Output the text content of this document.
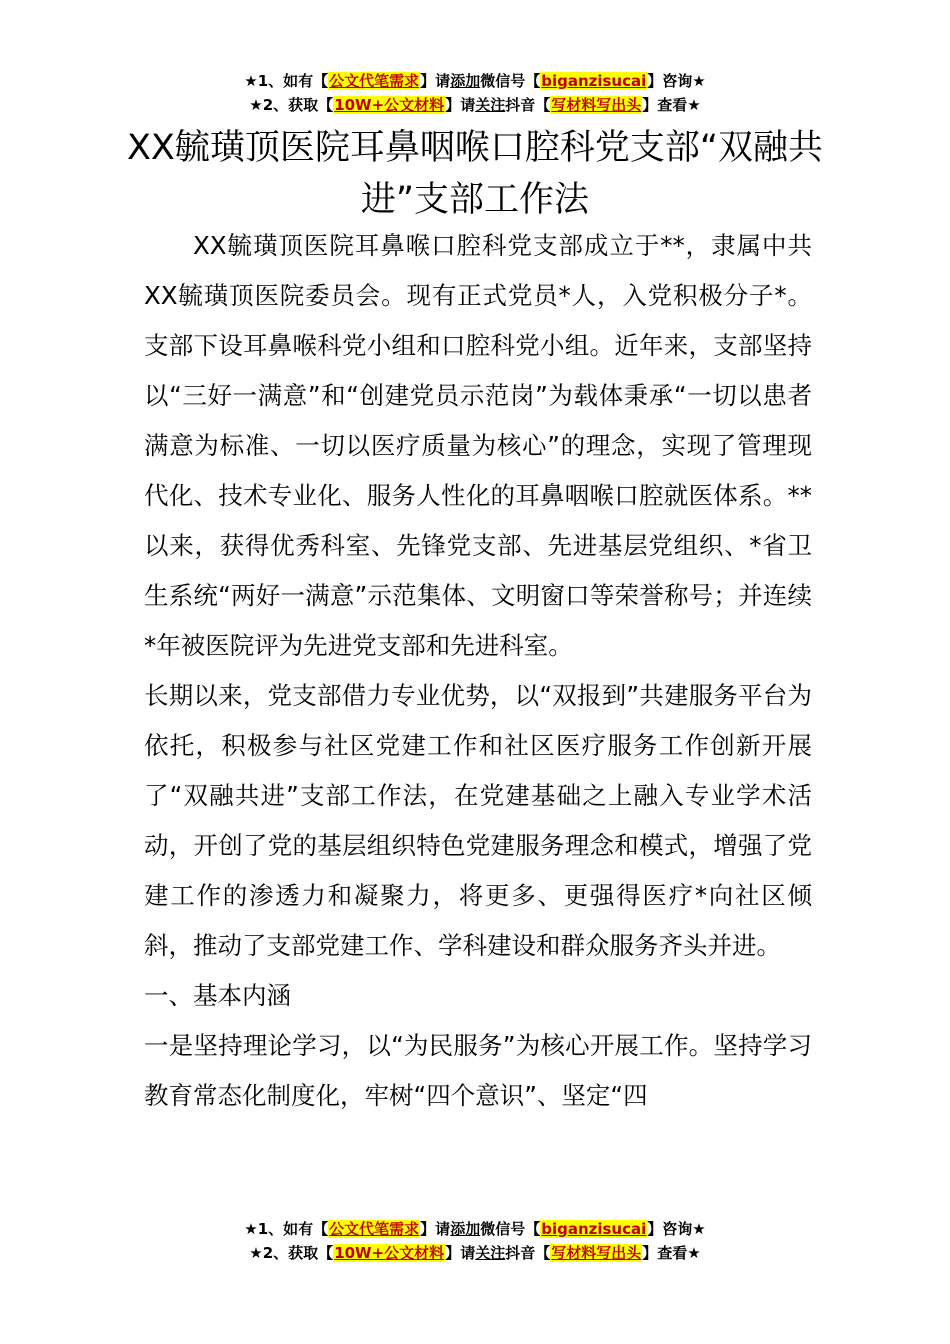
★1、如有【公文代笔需求】请添加微信号【biganzisucai】咨询★
★2、获取【10W+公文材料】请关注抖音【写材料写出头】查看★
XX毓璜顶医院耳鼻咽喉口腔科党支部“双融共进”支部工作法

XX毓璜顶医院耳鼻喉口腔科党支部成立于**，隶属中共XX毓璜顶医院委员会。现有正式党员*人，入党积极分子*。支部下设耳鼻喉科党小组和口腔科党小组。近年来，支部坚持以“三好一满意”和“创建党员示范岗”为载体秉承“一切以患者满意为标准、一切以医疗质量为核心”的理念，实现了管理现代化、技术专业化、服务人性化的耳鼻咽喉口腔就医体系。**以来，获得优秀科室、先锋党支部、先进基层党组织、*省卫生系统“两好一满意”示范集体、文明窗口等荣誉称号；并连续*年被医院评为先进党支部和先进科室。

长期以来，党支部借力专业优势，以“双报到”共建服务平台为依托，积极参与社区党建工作和社区医疗服务工作创新开展了“双融共进”支部工作法，在党建基础之上融入专业学术活动，开创了党的基层组织特色党建服务理念和模式，增强了党建工作的渗透力和凝聚力，将更多、更强得医疗*向社区倾斜，推动了支部党建工作、学科建设和群众服务齐头并进。

一、基本内涵

一是坚持理论学习，以“为民服务”为核心开展工作。坚持学习教育常态化制度化，牢树“四个意识”、坚定“四

★1、如有【公文代笔需求】请添加微信号【biganzisucai】咨询★
★2、获取【10W+公文材料】请关注抖音【写材料写出头】查看★
